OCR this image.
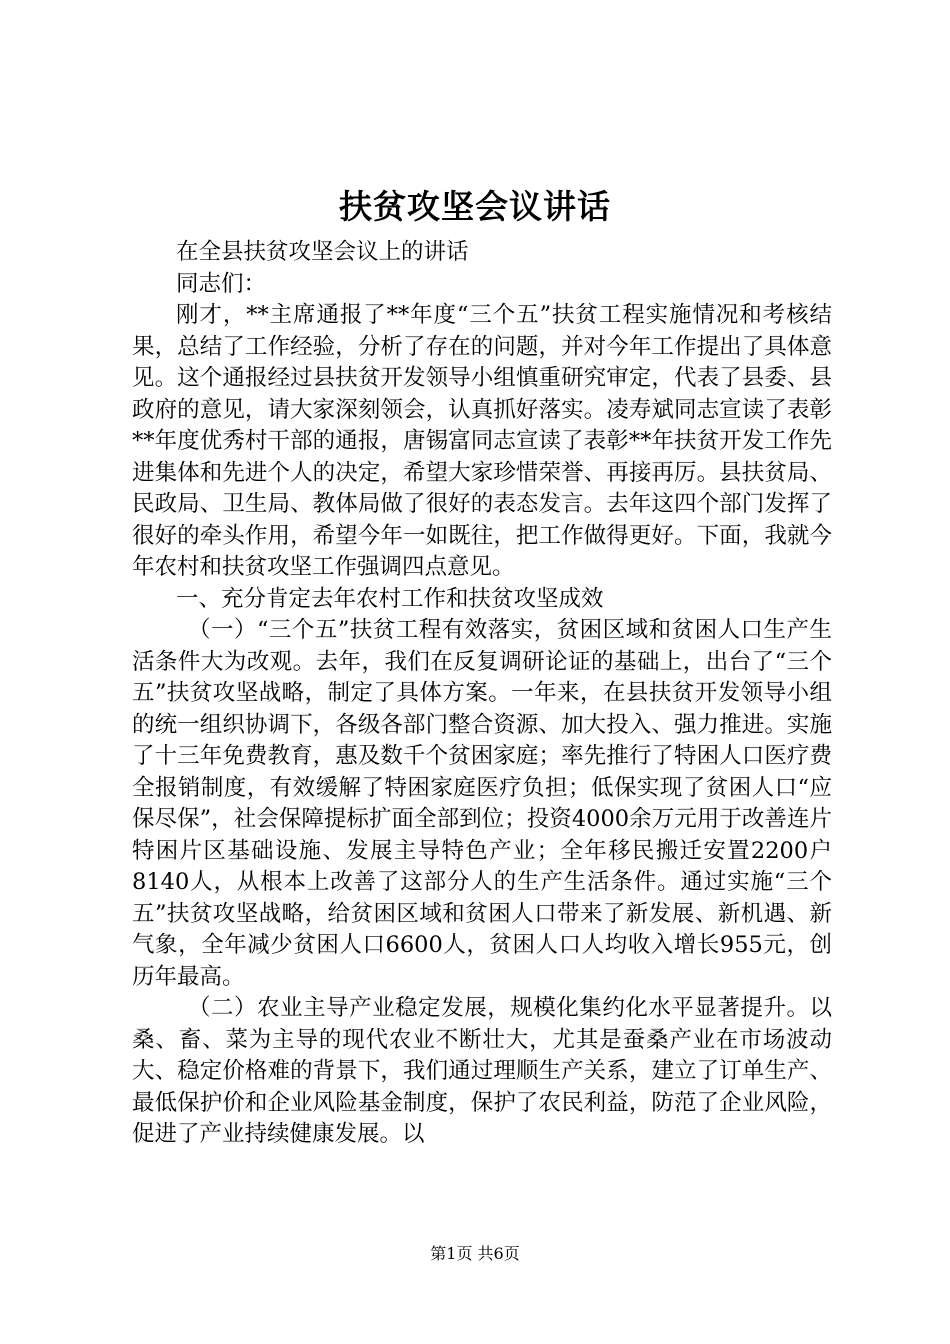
扶贫攻坚会议讲话

在全县扶贫攻坚会议上的讲话

同志们：

刚才，**主席通报了**年度“三个五”扶贫工程实施情况和考核结果，总结了工作经验，分析了存在的问题，并对今年工作提出了具体意见。这个通报经过县扶贫开发领导小组慎重研究审定，代表了县委、县政府的意见，请大家深刻领会，认真抓好落实。凌寿斌同志宣读了表彰**年度优秀村干部的通报，唐锡富同志宣读了表彰**年扶贫开发工作先进集体和先进个人的决定，希望大家珍惜荣誉、再接再厉。县扶贫局、民政局、卫生局、教体局做了很好的表态发言。去年这四个部门发挥了很好的牵头作用，希望今年一如既往，把工作做得更好。下面，我就今年农村和扶贫攻坚工作强调四点意见。

一、充分肯定去年农村工作和扶贫攻坚成效

（一）“三个五”扶贫工程有效落实，贫困区域和贫困人口生产生活条件大为改观。去年，我们在反复调研论证的基础上，出台了“三个五”扶贫攻坚战略，制定了具体方案。一年来，在县扶贫开发领导小组的统一组织协调下，各级各部门整合资源、加大投入、强力推进。实施了十三年免费教育，惠及数千个贫困家庭；率先推行了特困人口医疗费全报销制度，有效缓解了特困家庭医疗负担；低保实现了贫困人口“应保尽保”，社会保障提标扩面全部到位；投资4000余万元用于改善连片特困片区基础设施、发展主导特色产业；全年移民搬迁安置2200户8140人，从根本上改善了这部分人的生产生活条件。通过实施“三个五”扶贫攻坚战略，给贫困区域和贫困人口带来了新发展、新机遇、新气象，全年减少贫困人口6600人，贫困人口人均收入增长955元，创历年最高。

（二）农业主导产业稳定发展，规模化集约化水平显著提升。以桑、畜、菜为主导的现代农业不断壮大，尤其是蚕桑产业在市场波动大、稳定价格难的背景下，我们通过理顺生产关系，建立了订单生产、最低保护价和企业风险基金制度，保护了农民利益，防范了企业风险，促进了产业持续健康发展。以

第1页 共6页
